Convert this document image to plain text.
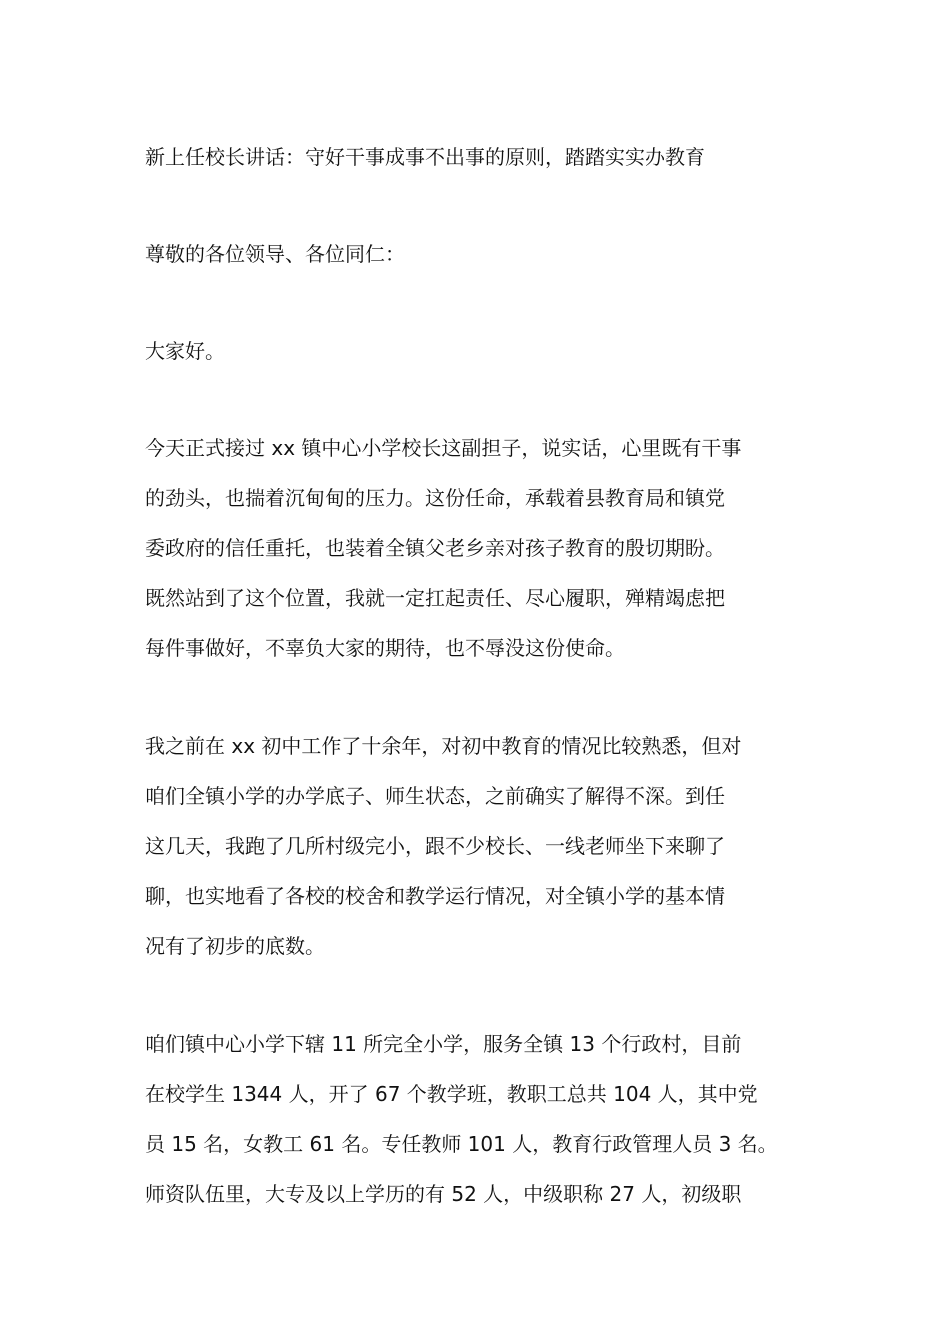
新上任校长讲话：守好干事成事不出事的原则，踏踏实实办教育
尊敬的各位领导、各位同仁：
大家好。
今天正式接过 xx 镇中心小学校长这副担子，说实话，心里既有干事
的劲头，也揣着沉甸甸的压力。这份任命，承载着县教育局和镇党
委政府的信任重托，也装着全镇父老乡亲对孩子教育的殷切期盼。
既然站到了这个位置，我就一定扛起责任、尽心履职，殚精竭虑把
每件事做好，不辜负大家的期待，也不辱没这份使命。
我之前在 xx 初中工作了十余年，对初中教育的情况比较熟悉，但对
咱们全镇小学的办学底子、师生状态，之前确实了解得不深。到任
这几天，我跑了几所村级完小，跟不少校长、一线老师坐下来聊了
聊，也实地看了各校的校舍和教学运行情况，对全镇小学的基本情
况有了初步的底数。
咱们镇中心小学下辖 11 所完全小学，服务全镇 13 个行政村，目前
在校学生 1344 人，开了 67 个教学班，教职工总共 104 人，其中党
员 15 名，女教工 61 名。专任教师 101 人，教育行政管理人员 3 名。
师资队伍里，大专及以上学历的有 52 人，中级职称 27 人，初级职
